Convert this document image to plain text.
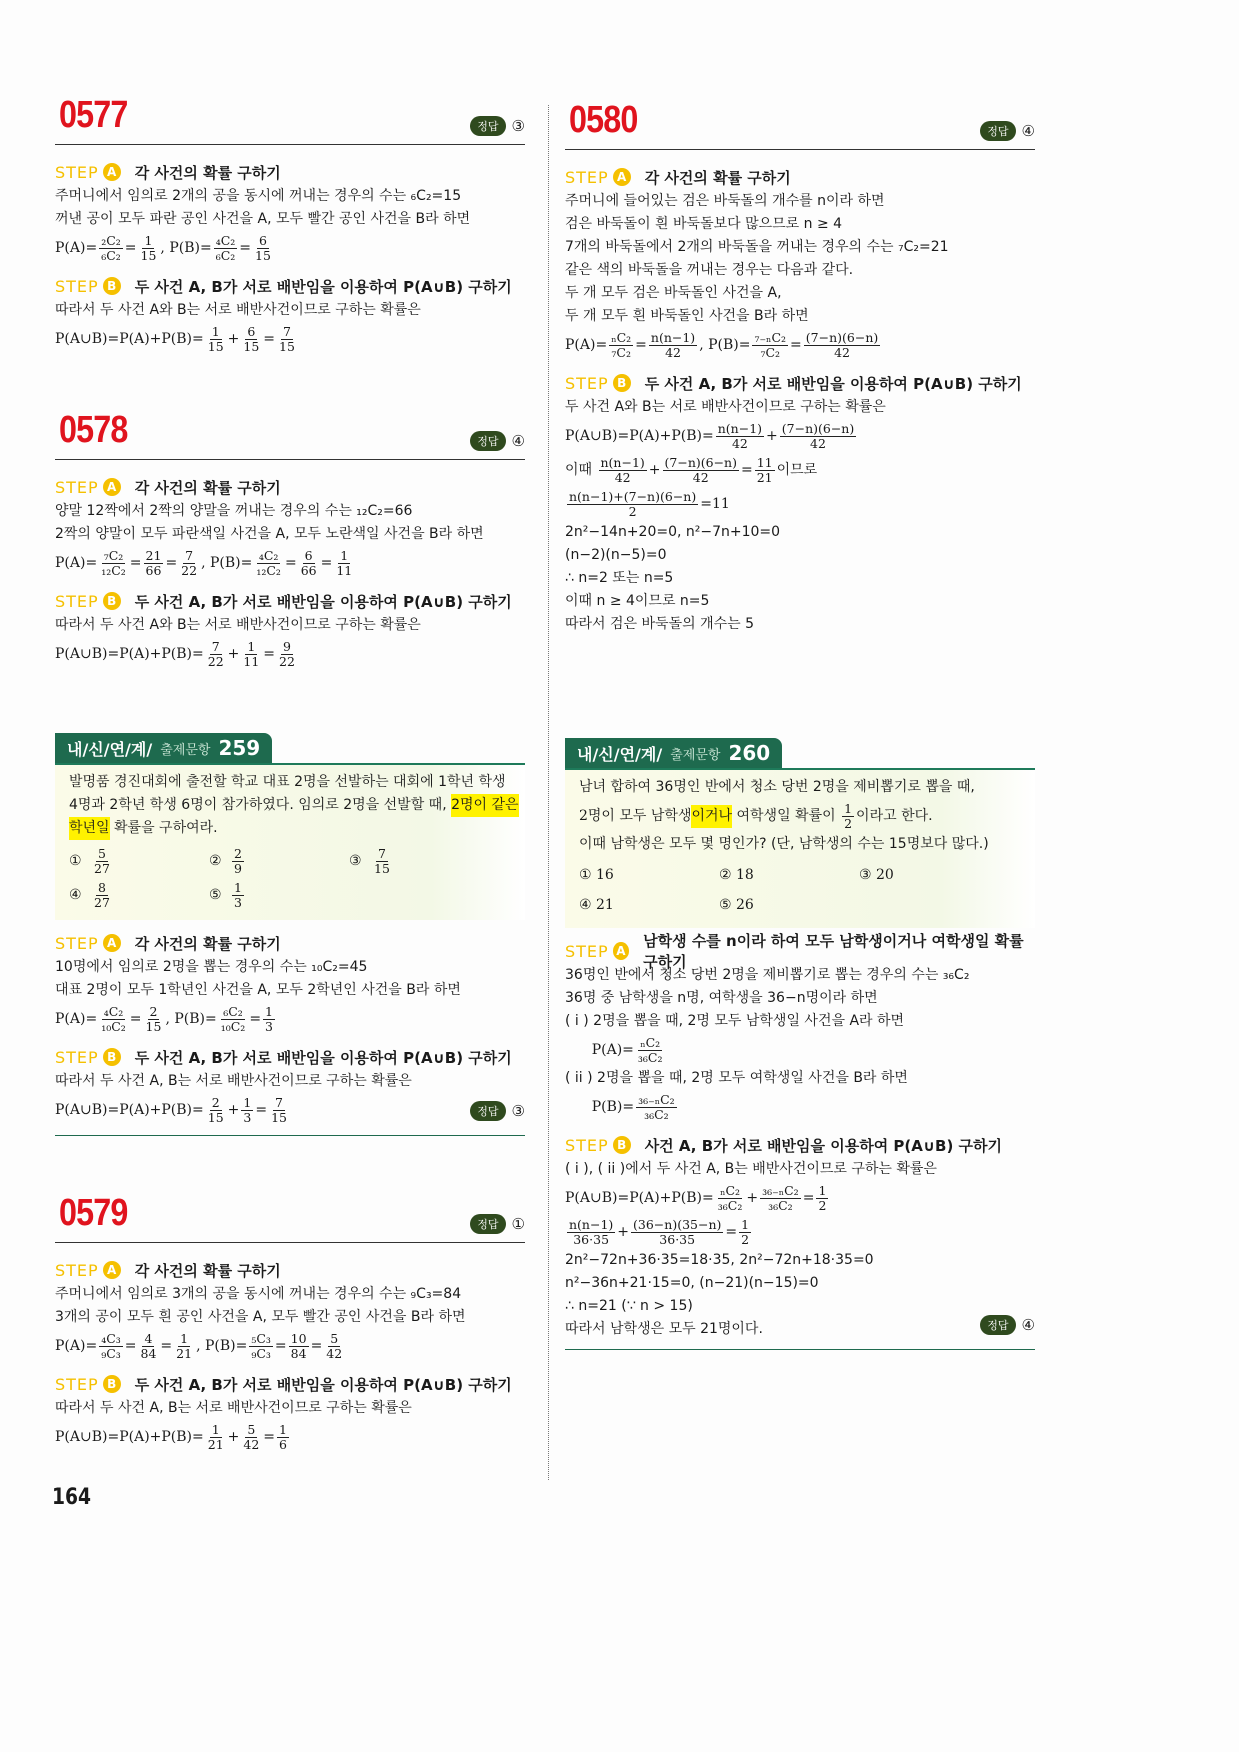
0577	정답 ③
STEP A 각 사건의 확률 구하기
주머니에서 임의로 2개의 공을 동시에 꺼내는 경우의 수는 ₆C₂=15
꺼낸 공이 모두 파란 공인 사건을 A, 모두 빨간 공인 사건을 B라 하면
$P(A)= \frac{\text{₂C₂}}{\text{₆C₂}} = \frac{1}{15}$ , $P(B)= \frac{\text{₄C₂}}{\text{₆C₂}} = \frac{6}{15}$
STEP B 두 사건 A, B가 서로 배반임을 이용하여 P(A∪B) 구하기
따라서 두 사건 A와 B는 서로 배반사건이므로 구하는 확률은
P(A∪B)=P(A)+P(B)= $\frac{1}{15} + \frac{6}{15} = \frac{7}{15}$
0578	정답 ④
STEP A 각 사건의 확률 구하기
양말 12짝에서 2짝의 양말을 꺼내는 경우의 수는 ₁₂C₂=66
2짝의 양말이 모두 파란색일 사건을 A, 모두 노란색일 사건을 B라 하면
$P(A)= \frac{\text{₇C₂}}{\text{₁₂C₂}} = \frac{21}{66} = \frac{7}{22}$ , $P(B)= \frac{\text{₄C₂}}{\text{₁₂C₂}} = \frac{6}{66} = \frac{1}{11}$
STEP B 두 사건 A, B가 서로 배반임을 이용하여 P(A∪B) 구하기
따라서 두 사건 A와 B는 서로 배반사건이므로 구하는 확률은
P(A∪B)=P(A)+P(B)= $\frac{7}{22} + \frac{1}{11} = \frac{9}{22}$
내/신/연/계/ 출제문항 259
발명품 경진대회에 출전할 학교 대표 2명을 선발하는 대회에 1학년 학생
4명과 2학년 학생 6명이 참가하였다. 임의로 2명을 선발할 때, 2명이 같은
학년일 확률을 구하여라.
① $\frac{5}{27}$	② $\frac{2}{9}$	③ $\frac{7}{15}$
④ $\frac{8}{27}$	⑤ $\frac{1}{3}$
STEP A 각 사건의 확률 구하기
10명에서 임의로 2명을 뽑는 경우의 수는 ₁₀C₂=45
대표 2명이 모두 1학년인 사건을 A, 모두 2학년인 사건을 B라 하면
$P(A)= \frac{\text{₄C₂}}{\text{₁₀C₂}} = \frac{2}{15}$ , $P(B)= \frac{\text{₆C₂}}{\text{₁₀C₂}} = \frac{1}{3}$
STEP B 두 사건 A, B가 서로 배반임을 이용하여 P(A∪B) 구하기
따라서 두 사건 A, B는 서로 배반사건이므로 구하는 확률은
P(A∪B)=P(A)+P(B)= $\frac{2}{15} + \frac{1}{3} = \frac{7}{15}$	정답 ③
0579	정답 ①
STEP A 각 사건의 확률 구하기
주머니에서 임의로 3개의 공을 동시에 꺼내는 경우의 수는 ₉C₃=84
3개의 공이 모두 흰 공인 사건을 A, 모두 빨간 공인 사건을 B라 하면
$P(A)= \frac{\text{₄C₃}}{\text{₉C₃}} = \frac{4}{84} = \frac{1}{21}$ , $P(B)= \frac{\text{₅C₃}}{\text{₉C₃}} = \frac{10}{84} = \frac{5}{42}$
STEP B 두 사건 A, B가 서로 배반임을 이용하여 P(A∪B) 구하기
따라서 두 사건 A, B는 서로 배반사건이므로 구하는 확률은
P(A∪B)=P(A)+P(B)= $\frac{1}{21} + \frac{5}{42} = \frac{1}{6}$
0580	정답 ④
STEP A 각 사건의 확률 구하기
주머니에 들어있는 검은 바둑돌의 개수를 n이라 하면
검은 바둑돌이 흰 바둑돌보다 많으므로 n ≥ 4
7개의 바둑돌에서 2개의 바둑돌을 꺼내는 경우의 수는 ₇C₂=21
같은 색의 바둑돌을 꺼내는 경우는 다음과 같다.
두 개 모두 검은 바둑돌인 사건을 A,
두 개 모두 흰 바둑돌인 사건을 B라 하면
$P(A)= \frac{\text{ₙC₂}}{\text{₇C₂}} = \frac{n(n-1)}{42}$ , $P(B)= \frac{\text{₇₋ₙC₂}}{\text{₇C₂}} = \frac{(7-n)(6-n)}{42}$
STEP B 두 사건 A, B가 서로 배반임을 이용하여 P(A∪B) 구하기
두 사건 A와 B는 서로 배반사건이므로 구하는 확률은
P(A∪B)=P(A)+P(B)= $\frac{n(n-1)}{42} + \frac{(7-n)(6-n)}{42}$
이때 $\frac{n(n-1)}{42} + \frac{(7-n)(6-n)}{42} = \frac{11}{21}$ 이므로
$\frac{n(n-1)+(7-n)(6-n)}{2} =11$
2n²−14n+20=0, n²−7n+10=0
(n−2)(n−5)=0
∴ n=2 또는 n=5
이때 n ≥ 4이므로 n=5
따라서 검은 바둑돌의 개수는 5
내/신/연/계/ 출제문항 260
남녀 합하여 36명인 반에서 청소 당번 2명을 제비뽑기로 뽑을 때,
2명이 모두 남학생 이거나 여학생일 확률이 $\frac{1}{2}$ 이라고 한다.
이때 남학생은 모두 몇 명인가? (단, 남학생의 수는 15명보다 많다.)
① 16	② 18	③ 20
④ 21	⑤ 26
STEP A
남학생 수를 n이라 하여 모두 남학생이거나 여학생일 확률 구하기
36명인 반에서 청소 당번 2명을 제비뽑기로 뽑는 경우의 수는 ₃₆C₂
36명 중 남학생을 n명, 여학생을 36−n명이라 하면
( i ) 2명을 뽑을 때, 2명 모두 남학생일 사건을 A라 하면
$P(A)= \frac{\text{ₙC₂}}{\text{₃₆C₂}}$
( ii ) 2명을 뽑을 때, 2명 모두 여학생일 사건을 B라 하면
$P(B)= \frac{\text{₃₆₋ₙC₂}}{\text{₃₆C₂}}$
STEP B 사건 A, B가 서로 배반임을 이용하여 P(A∪B) 구하기
( i ), ( ii )에서 두 사건 A, B는 배반사건이므로 구하는 확률은
P(A∪B)=P(A)+P(B)= $\frac{\text{ₙC₂}}{\text{₃₆C₂}} + \frac{\text{₃₆₋ₙC₂}}{\text{₃₆C₂}} = \frac{1}{2}$
$\frac{n(n-1)}{36\cdot 35} + \frac{(36-n)(35-n)}{36\cdot 35} = \frac{1}{2}$
2n²−72n+36·35=18·35, 2n²−72n+18·35=0
n²−36n+21·15=0, (n−21)(n−15)=0
∴ n=21 (∵ n > 15)
따라서 남학생은 모두 21명이다.	정답 ④
164
